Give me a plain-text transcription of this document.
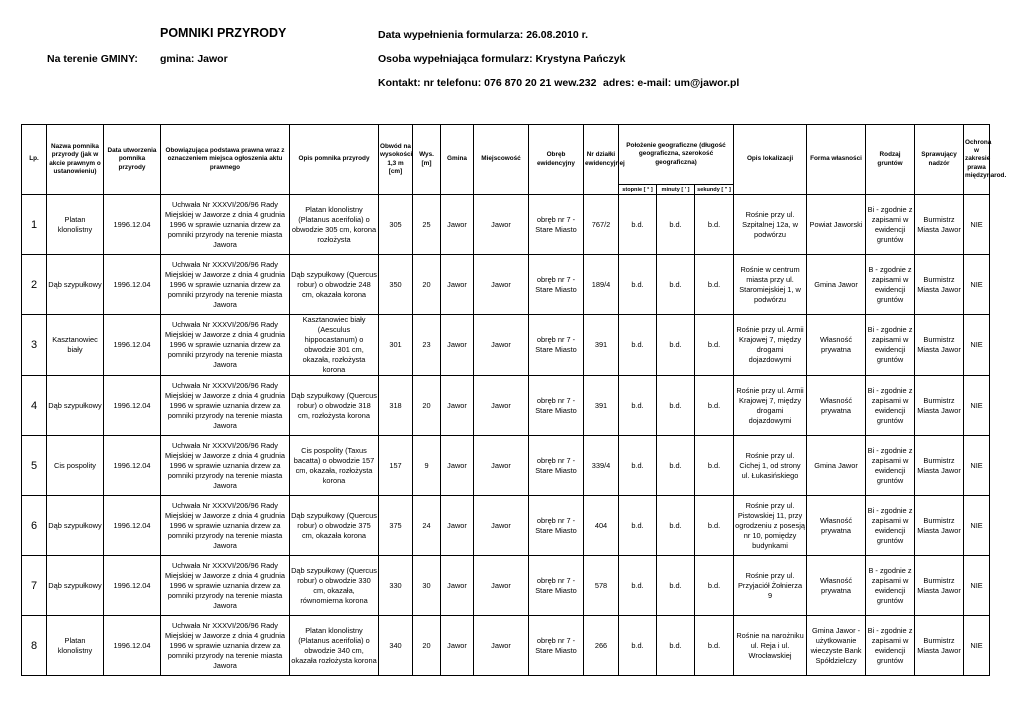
POMNIKI PRZYRODY	Data wypełnienia formularza: 26.08.2010 r.
Na terenie GMINY: gmina: Jawor	Osoba wypełniająca formularz: Krystyna Pańczyk
Kontakt: nr telefonu: 076 870 20 21 wew.232 adres: e-mail: um@jawor.pl
Lp.	Nazwa pomnika przyrody (jak w akcie prawnym o ustanowieniu)	Data utworzenia pomnika przyrody	Obowiązująca podstawa prawna wraz z oznaczeniem miejsca ogłoszenia aktu prawnego	Opis pomnika przyrody	Obwód na wysokości 1,3 m [cm]	Wys. [m]	Gmina	Miejscowość	Obręb ewidencyjny	Nr działki ewidencyjnej	Położenie geograficzne (długość geograficzna, szerokość geograficzna)			Opis lokalizacji	Forma własności	Rodzaj gruntów	Sprawujący nadzór	Ochrona w zakresie prawa międzynarod.
											stopnie [ ° ]	minuty [ ' ]	sekundy [ " ]					
1	Platan klonolistny	1996.12.04	Uchwała Nr XXXVI/206/96 Rady Miejskiej w Jaworze z dnia 4 grudnia 1996 w sprawie uznania drzew za pomniki przyrody na terenie miasta Jawora	Platan klonolistny (Platanus acerifolia) o obwodzie 305 cm, korona rozłożysta	305	25	Jawor	Jawor	obręb nr 7 - Stare Miasto	767/2	b.d.	b.d.	b.d.	Rośnie przy ul. Szpitalnej 12a, w podwórzu	Powiat Jaworski	Bi - zgodnie z zapisami w ewidencji gruntów	Burmistrz Miasta Jawor	NIE
2	Dąb szypułkowy	1996.12.04	Uchwała Nr XXXVI/206/96 Rady Miejskiej w Jaworze z dnia 4 grudnia 1996 w sprawie uznania drzew za pomniki przyrody na terenie miasta Jawora	Dąb szypułkowy (Quercus robur) o obwodzie 248 cm, okazała korona	350	20	Jawor	Jawor	obręb nr 7 - Stare Miasto	189/4	b.d.	b.d.	b.d.	Rośnie w centrum miasta przy ul. Staromiejskiej 1, w podwórzu	Gmina Jawor	B - zgodnie z zapisami w ewidencji gruntów	Burmistrz Miasta Jawor	NIE
3	Kasztanowiec biały	1996.12.04	Uchwała Nr XXXVI/206/96 Rady Miejskiej w Jaworze z dnia 4 grudnia 1996 w sprawie uznania drzew za pomniki przyrody na terenie miasta Jawora	Kasztanowiec biały (Aesculus hippocastanum) o obwodzie 301 cm, okazała, rozłożysta korona	301	23	Jawor	Jawor	obręb nr 7 - Stare Miasto	391	b.d.	b.d.	b.d.	Rośnie przy ul. Armii Krajowej 7, między drogami dojazdowymi	Własność prywatna	Bi - zgodnie z zapisami w ewidencji gruntów	Burmistrz Miasta Jawor	NIE
4	Dąb szypułkowy	1996.12.04	Uchwała Nr XXXVI/206/96 Rady Miejskiej w Jaworze z dnia 4 grudnia 1996 w sprawie uznania drzew za pomniki przyrody na terenie miasta Jawora	Dąb szypułkowy (Quercus robur) o obwodzie 318 cm, rozłożysta korona	318	20	Jawor	Jawor	obręb nr 7 - Stare Miasto	391	b.d.	b.d.	b.d.	Rośnie przy ul. Armii Krajowej 7, między drogami dojazdowymi	Własność prywatna	Bi - zgodnie z zapisami w ewidencji gruntów	Burmistrz Miasta Jawor	NIE
5	Cis pospolity	1996.12.04	Uchwała Nr XXXVI/206/96 Rady Miejskiej w Jaworze z dnia 4 grudnia 1996 w sprawie uznania drzew za pomniki przyrody na terenie miasta Jawora	Cis pospolity (Taxus bacatta) o obwodzie 157 cm, okazała, rozłożysta korona	157	9	Jawor	Jawor	obręb nr 7 - Stare Miasto	339/4	b.d.	b.d.	b.d.	Rośnie przy ul. Cichej 1, od strony ul. Łukasińskiego	Gmina Jawor	Bi - zgodnie z zapisami w ewidencji gruntów	Burmistrz Miasta Jawor	NIE
6	Dąb szypułkowy	1996.12.04	Uchwała Nr XXXVI/206/96 Rady Miejskiej w Jaworze z dnia 4 grudnia 1996 w sprawie uznania drzew za pomniki przyrody na terenie miasta Jawora	Dąb szypułkowy (Quercus robur) o obwodzie 375 cm, okazała korona	375	24	Jawor	Jawor	obręb nr 7 - Stare Miasto	404	b.d.	b.d.	b.d.	Rośnie przy ul. Pistowskiej 11, przy ogrodzeniu z posesją nr 10, pomiędzy budynkami	Własność prywatna	Bi - zgodnie z zapisami w ewidencji gruntów	Burmistrz Miasta Jawor	NIE
7	Dąb szypułkowy	1996.12.04	Uchwała Nr XXXVI/206/96 Rady Miejskiej w Jaworze z dnia 4 grudnia 1996 w sprawie uznania drzew za pomniki przyrody na terenie miasta Jawora	Dąb szypułkowy (Quercus robur) o obwodzie 330 cm, okazała, równomierna korona	330	30	Jawor	Jawor	obręb nr 7 - Stare Miasto	578	b.d.	b.d.	b.d.	Rośnie przy ul. Przyjaciół Żołnierza 9	Własność prywatna	B - zgodnie z zapisami w ewidencji gruntów	Burmistrz Miasta Jawor	NIE
8	Platan klonolistny	1996.12.04	Uchwała Nr XXXVI/206/96 Rady Miejskiej w Jaworze z dnia 4 grudnia 1996 w sprawie uznania drzew za pomniki przyrody na terenie miasta Jawora	Platan klonolistny (Platanus acerifolia) o obwodzie 340 cm, okazała rozłożysta korona	340	20	Jawor	Jawor	obręb nr 7 - Stare Miasto	266	b.d.	b.d.	b.d.	Rośnie na narożniku ul. Reja i ul. Wrocławskiej	Gmina Jawor - użytkowanie wieczyste Bank Spółdzielczy	Bi - zgodnie z zapisami w ewidencji gruntów	Burmistrz Miasta Jawor	NIE
